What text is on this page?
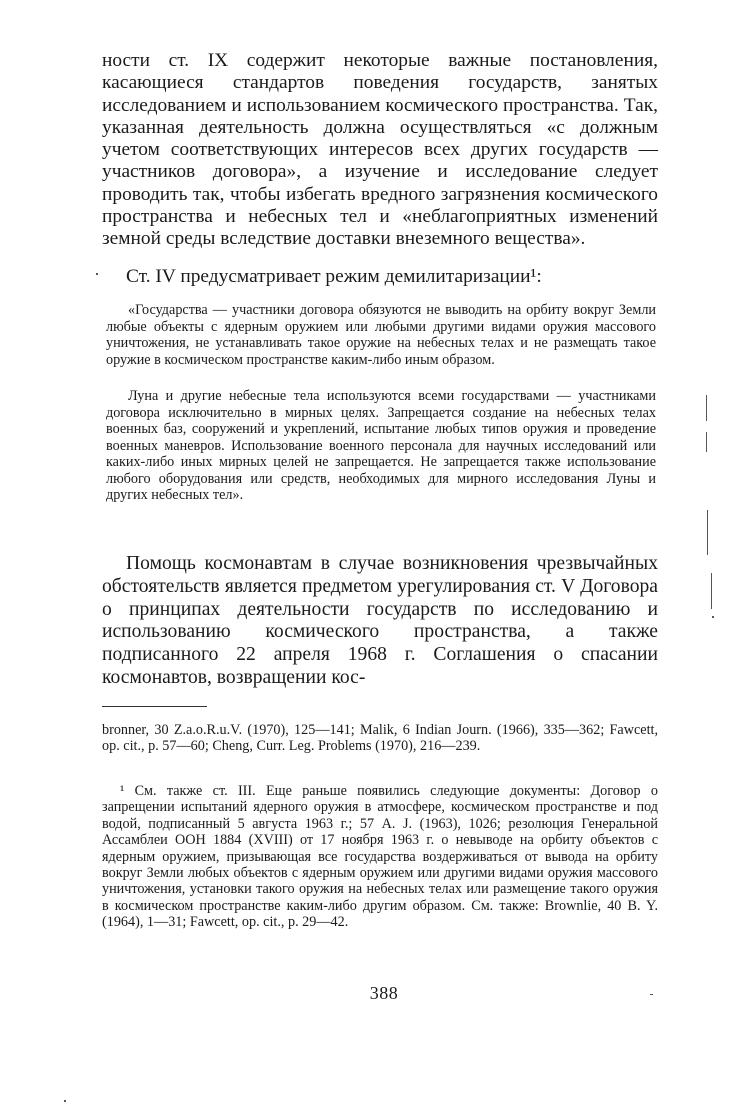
ности ст. IX содержит некоторые важные постановления, касающиеся стандартов поведения государств, занятых исследованием и использованием космического пространства. Так, указанная деятельность должна осуществляться «с должным учетом соответствующих интересов всех других государств — участников договора», а изучение и исследование следует проводить так, чтобы избегать вредного загрязнения космического пространства и небесных тел и «неблагоприятных изменений земной среды вследствие доставки внеземного вещества».

Ст. IV предусматривает режим демилитаризации¹:

«Государства — участники договора обязуются не выводить на орбиту вокруг Земли любые объекты с ядерным оружием или любыми другими видами оружия массового уничтожения, не устанавливать такое оружие на небесных телах и не размещать такое оружие в космическом пространстве каким-либо иным образом.

Луна и другие небесные тела используются всеми государствами — участниками договора исключительно в мирных целях. Запрещается создание на небесных телах военных баз, сооружений и укреплений, испытание любых типов оружия и проведение военных маневров. Использование военного персонала для научных исследований или каких-либо иных мирных целей не запрещается. Не запрещается также использование любого оборудования или средств, необходимых для мирного исследования Луны и других небесных тел».

Помощь космонавтам в случае возникновения чрезвычайных обстоятельств является предметом урегулирования ст. V Договора о принципах деятельности государств по исследованию и использованию космического пространства, а также подписанного 22 апреля 1968 г. Соглашения о спасании космонавтов, возвращении кос-

bronner, 30 Z.a.o.R.u.V. (1970), 125—141; Malik, 6 Indian Journ. (1966), 335—362; Fawcett, op. cit., p. 57—60; Cheng, Curr. Leg. Problems (1970), 216—239.

¹ См. также ст. III. Еще раньше появились следующие документы: Договор о запрещении испытаний ядерного оружия в атмосфере, космическом пространстве и под водой, подписанный 5 августа 1963 г.; 57 A. J. (1963), 1026; резолюция Генеральной Ассамблеи ООН 1884 (XVIII) от 17 ноября 1963 г. о невыводе на орбиту объектов с ядерным оружием, призывающая все государства воздерживаться от вывода на орбиту вокруг Земли любых объектов с ядерным оружием или другими видами оружия массового уничтожения, установки такого оружия на небесных телах или размещение такого оружия в космическом пространстве каким-либо другим образом. См. также: Brownlie, 40 B. Y. (1964), 1—31; Fawcett, op. cit., p. 29—42.

388
